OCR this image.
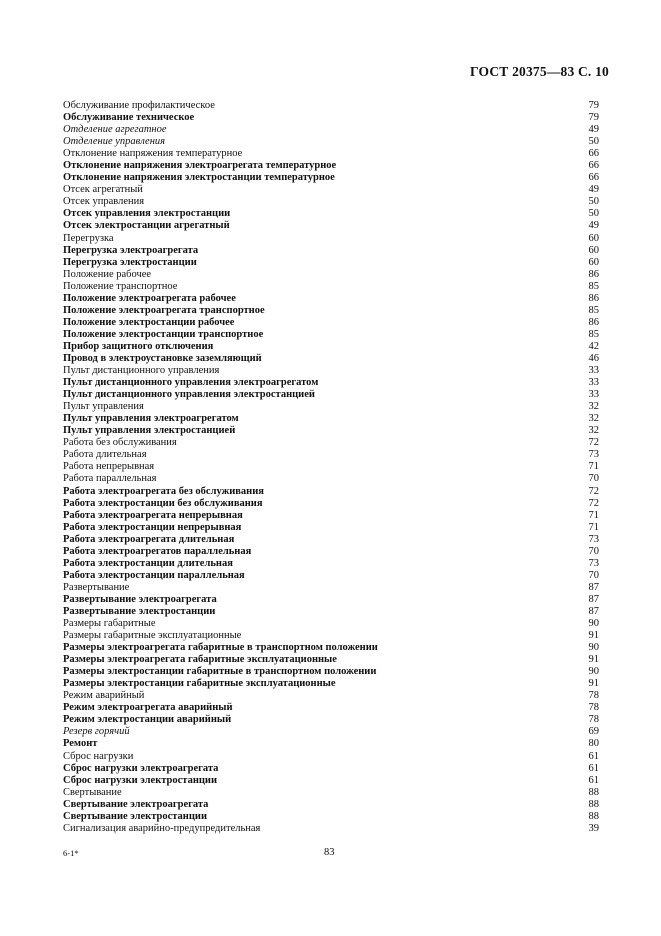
ГОСТ 20375—83 С. 10
Обслуживание профилактическое	79
Обслуживание техническое	79
Отделение агрегатное	49
Отделение управления	50
Отклонение напряжения температурное	66
Отклонение напряжения электроагрегата температурное	66
Отклонение напряжения электростанции температурное	66
Отсек агрегатный	49
Отсек управления	50
Отсек управления электростанции	50
Отсек электростанции агрегатный	49
Перегрузка	60
Перегрузка электроагрегата	60
Перегрузка электростанции	60
Положение рабочее	86
Положение транспортное	85
Положение электроагрегата рабочее	86
Положение электроагрегата транспортное	85
Положение электростанции рабочее	86
Положение электростанции транспортное	85
Прибор защитного отключения	42
Провод в электроустановке заземляющий	46
Пульт дистанционного управления	33
Пульт дистанционного управления электроагрегатом	33
Пульт дистанционного управления электростанцией	33
Пульт управления	32
Пульт управления электроагрегатом	32
Пульт управления электростанцией	32
Работа без обслуживания	72
Работа длительная	73
Работа непрерывная	71
Работа параллельная	70
Работа электроагрегата без обслуживания	72
Работа электростанции без обслуживания	72
Работа электроагрегата непрерывная	71
Работа электростанции непрерывная	71
Работа электроагрегата длительная	73
Работа электроагрегатов параллельная	70
Работа электростанции длительная	73
Работа электростанции параллельная	70
Развертывание	87
Развертывание электроагрегата	87
Развертывание электростанции	87
Размеры габаритные	90
Размеры габаритные эксплуатационные	91
Размеры электроагрегата габаритные в транспортном положении	90
Размеры электроагрегата габаритные эксплуатационные	91
Размеры электростанции габаритные в транспортном положении	90
Размеры электростанции габаритные эксплуатационные	91
Режим аварийный	78
Режим электроагрегата аварийный	78
Режим электростанции аварийный	78
Резерв горячий	69
Ремонт	80
Сброс нагрузки	61
Сброс нагрузки электроагрегата	61
Сброс нагрузки электростанции	61
Свертывание	88
Свертывание электроагрегата	88
Свертывание электростанции	88
Сигнализация аварийно-предупредительная	39
6-1*	83
